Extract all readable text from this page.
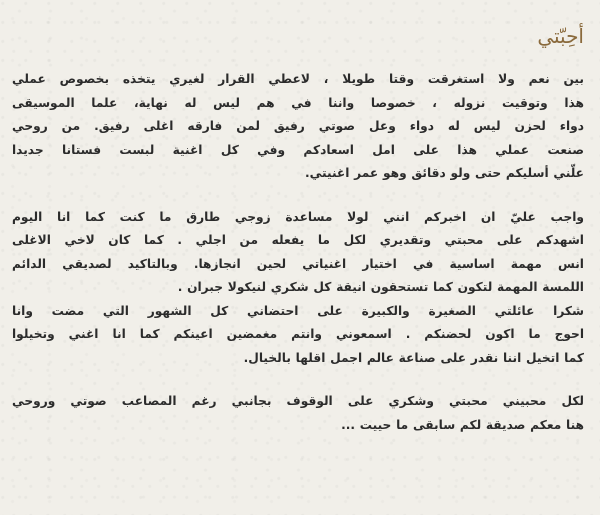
أحِبّتي

بين نعم ولا استغرقت وقتا طويلا ، لاعطي القرار لغيري يتخذه بخصوص عملي
هذا وتوقيت نزوله ، خصوصا واننا في هم ليس له نهاية، علما الموسيقى
دواء لحزن ليس له دواء وعل صوتي رفيق لمن فارقه اغلى رفيق. من روحي
صنعت عملي هذا على امل اسعادكم وفي كل اغنية لبست فستانا جديدا
علّني أسليكم حتى ولو دقائق وهو عمر اغنيتي.

واجب عليّ ان اخبركم انني لولا مساعدة زوجي طارق ما كنت كما انا اليوم
اشهدكم على محبتي وتقديري لكل ما يفعله من اجلي . كما كان لاخي الاغلى
انس مهمة اساسية في اختيار اغنياتي لحين انجازها. وبالتاكيد لصديقي الدائم
اللمسة المهمة لتكون كما تستحقون انيقة كل شكري لنيكولا جبران .
شكرا عائلتي الصغيرة والكبيرة على احتضاني كل الشهور التي مضت وانا
احوج ما اكون لحضنكم . اسمعوني وانتم مغمضين اعينكم كما انا اغني وتخيلوا
كما اتخيل اننا نقدر على صناعة عالم اجمل اقلها بالخيال.

لكل محبيني محبتي وشكري على الوقوف بجانبي رغم المصاعب صوتي وروحي
هنا معكم صديقة لكم سابقى ما حييت ...
